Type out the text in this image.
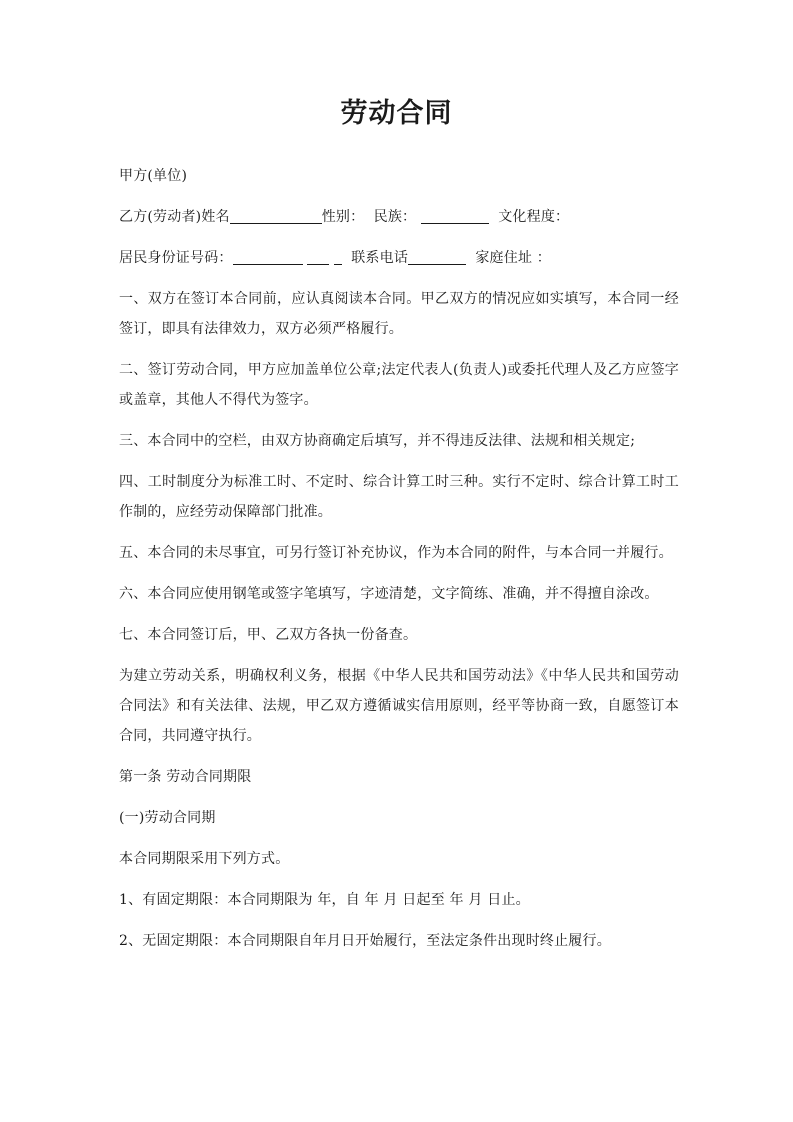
劳动合同

甲方(单位)

乙方(劳动者)姓名	性别： 民族：	文化程度：

居民身份证号码：	联系电话	家庭住址 ：

一、双方在签订本合同前，应认真阅读本合同。甲乙双方的情况应如实填写，本合同一经签订，即具有法律效力，双方必须严格履行。

二、签订劳动合同，甲方应加盖单位公章;法定代表人(负责人)或委托代理人及乙方应签字或盖章，其他人不得代为签字。

三、本合同中的空栏，由双方协商确定后填写，并不得违反法律、法规和相关规定;

四、工时制度分为标准工时、不定时、综合计算工时三种。实行不定时、综合计算工时工作制的，应经劳动保障部门批准。

五、本合同的未尽事宜，可另行签订补充协议，作为本合同的附件，与本合同一并履行。

六、本合同应使用钢笔或签字笔填写，字迹清楚，文字简练、准确，并不得擅自涂改。

七、本合同签订后，甲、乙双方各执一份备查。

为建立劳动关系，明确权利义务，根据《中华人民共和国劳动法》《中华人民共和国劳动合同法》和有关法律、法规，甲乙双方遵循诚实信用原则，经平等协商一致，自愿签订本合同，共同遵守执行。

第一条 劳动合同期限

(一)劳动合同期

本合同期限采用下列方式。

1、有固定期限：本合同期限为 年，自 年 月 日起至 年 月 日止。

2、无固定期限：本合同期限自年月日开始履行，至法定条件出现时终止履行。
